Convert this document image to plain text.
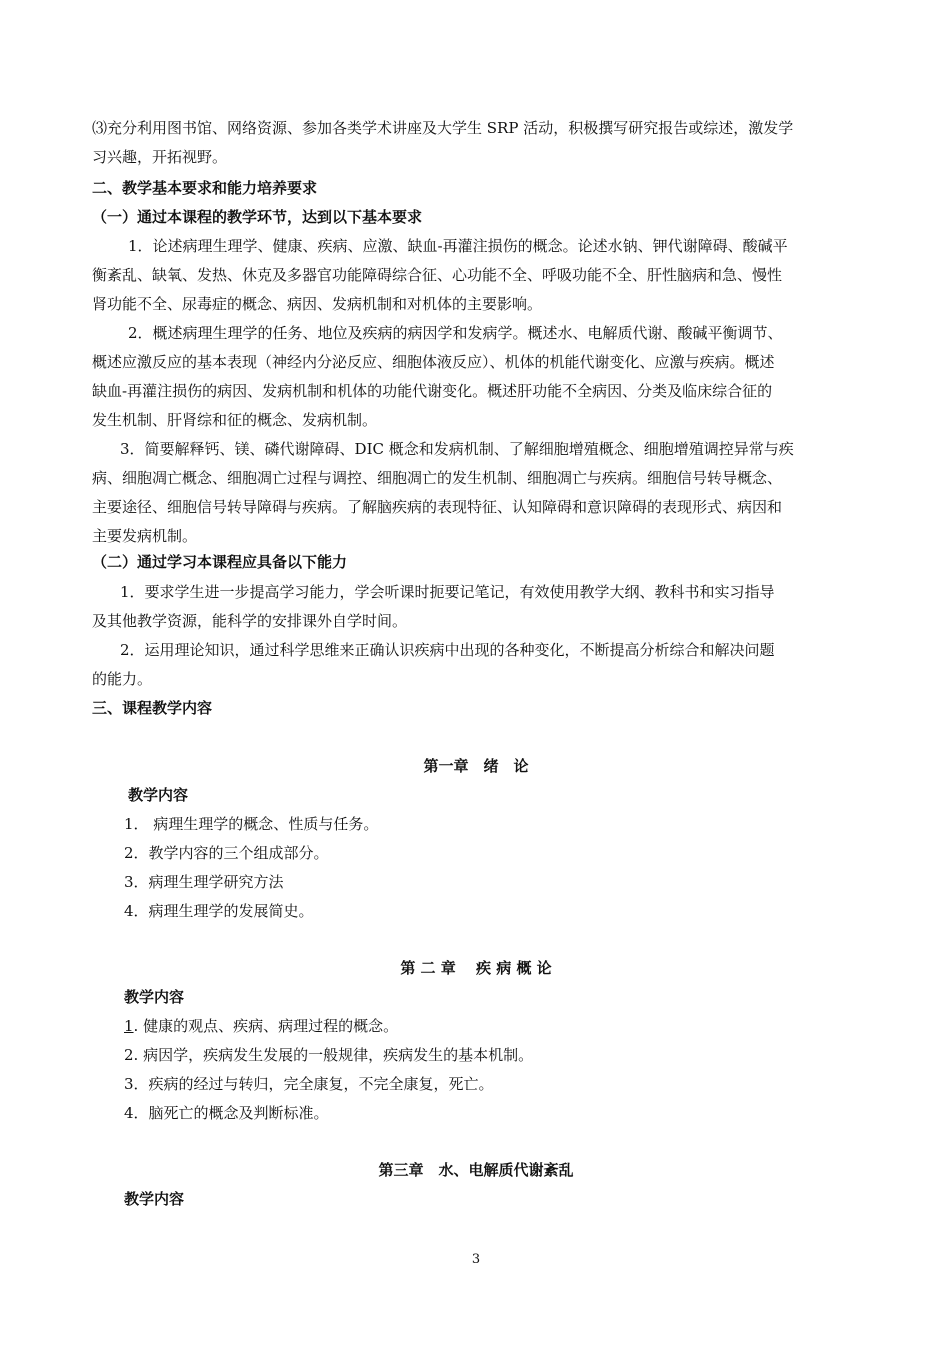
⑶充分利用图书馆、网络资源、参加各类学术讲座及大学生 SRP 活动，积极撰写研究报告或综述，激发学
习兴趣，开拓视野。
二、教学基本要求和能力培养要求
（一）通过本课程的教学环节，达到以下基本要求
1．论述病理生理学、健康、疾病、应激、缺血-再灌注损伤的概念。论述水钠、钾代谢障碍、酸碱平
衡紊乱、缺氧、发热、休克及多器官功能障碍综合征、心功能不全、呼吸功能不全、肝性脑病和急、慢性
肾功能不全、尿毒症的概念、病因、发病机制和对机体的主要影响。
2．概述病理生理学的任务、地位及疾病的病因学和发病学。概述水、电解质代谢、酸碱平衡调节、
概述应激反应的基本表现（神经内分泌反应、细胞体液反应）、机体的机能代谢变化、应激与疾病。概述
缺血-再灌注损伤的病因、发病机制和机体的功能代谢变化。概述肝功能不全病因、分类及临床综合征的
发生机制、肝肾综和征的概念、发病机制。
3．简要解释钙、镁、磷代谢障碍、DIC 概念和发病机制、了解细胞增殖概念、细胞增殖调控异常与疾
病、细胞凋亡概念、细胞凋亡过程与调控、细胞凋亡的发生机制、细胞凋亡与疾病。细胞信号转导概念、
主要途径、细胞信号转导障碍与疾病。了解脑疾病的表现特征、认知障碍和意识障碍的表现形式、病因和
主要发病机制。
（二）通过学习本课程应具备以下能力
1．要求学生进一步提高学习能力，学会听课时扼要记笔记，有效使用教学大纲、教科书和实习指导
及其他教学资源，能科学的安排课外自学时间。
2．运用理论知识，通过科学思维来正确认识疾病中出现的各种变化，不断提高分析综合和解决问题
的能力。
三、课程教学内容
第一章　绪　论
教学内容
1． 病理生理学的概念、性质与任务。
2．教学内容的三个组成部分。
3．病理生理学研究方法
4．病理生理学的发展简史。
第 二 章　 疾 病 概 论
教学内容
1. 健康的观点、疾病、病理过程的概念。
2. 病因学，疾病发生发展的一般规律，疾病发生的基本机制。
3．疾病的经过与转归，完全康复，不完全康复，死亡。
4．脑死亡的概念及判断标准。
第三章　水、电解质代谢紊乱
教学内容
3
